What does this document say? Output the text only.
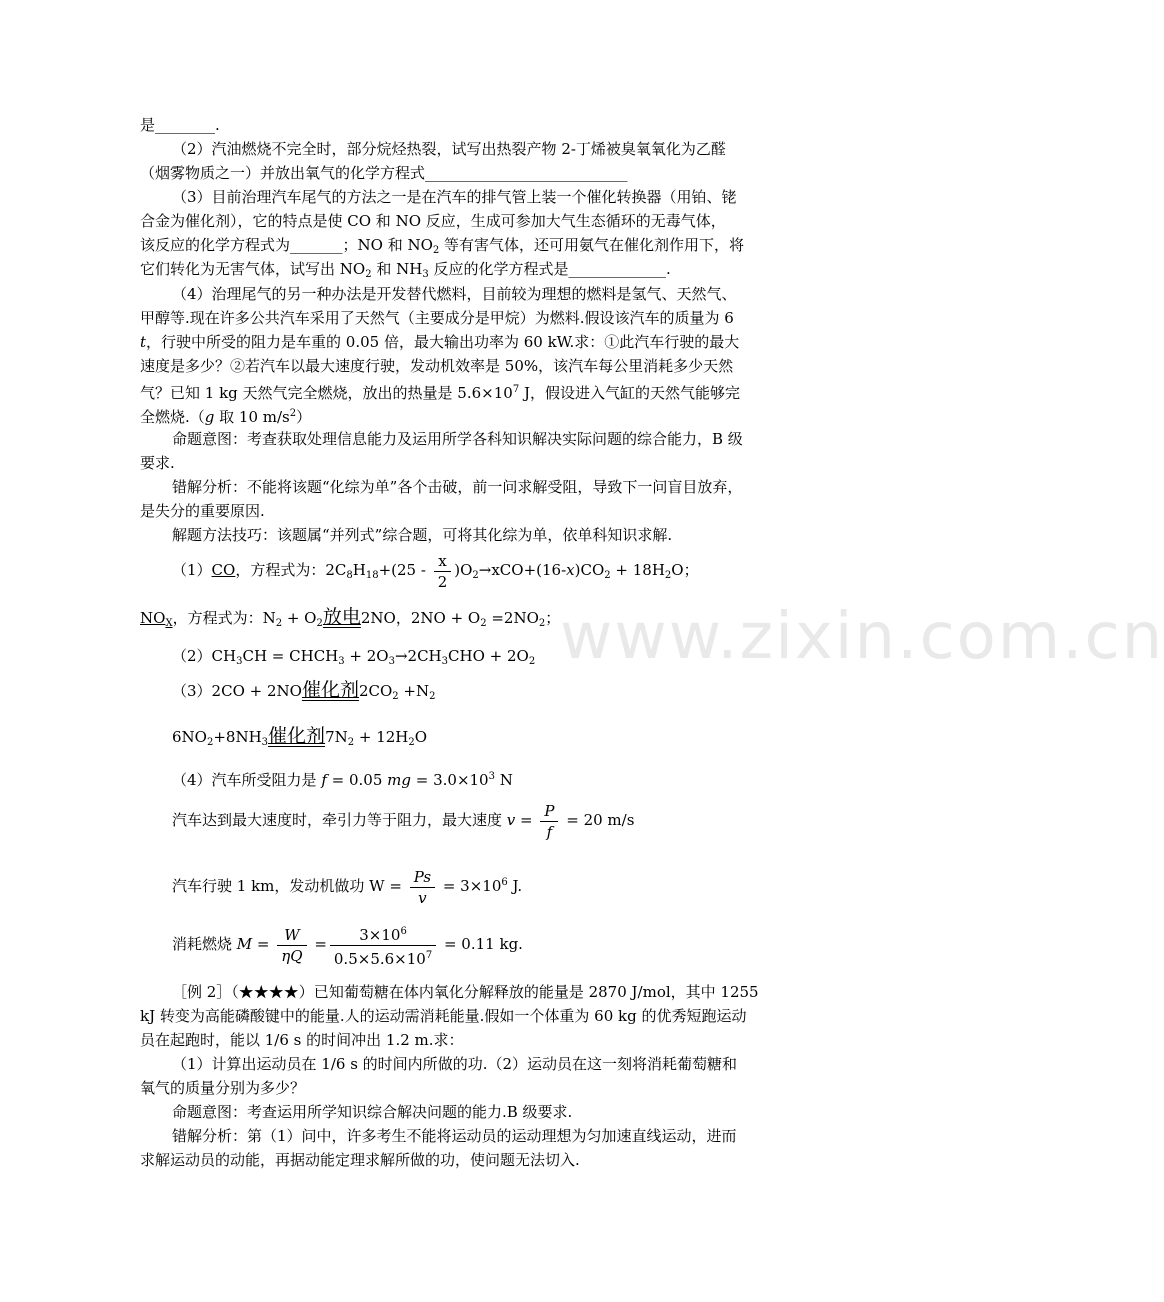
www.zixin.com.cn
是________.
（2）汽油燃烧不完全时，部分烷烃热裂，试写出热裂产物 2-丁烯被臭氧氧化为乙醛
（烟雾物质之一）并放出氧气的化学方程式___________________________
（3）目前治理汽车尾气的方法之一是在汽车的排气管上装一个催化转换器（用铂、铑
合金为催化剂），它的特点是使 CO 和 NO 反应，生成可参加大气生态循环的无毒气体，
该反应的化学方程式为_______；NO 和 $NO_2$ 等有害气体，还可用氨气在催化剂作用下，将
它们转化为无害气体，试写出 $NO_2$ 和 $NH_3$ 反应的化学方程式是_____________.
（4）治理尾气的另一种办法是开发替代燃料，目前较为理想的燃料是氢气、天然气、
甲醇等.现在许多公共汽车采用了天然气（主要成分是甲烷）为燃料.假设该汽车的质量为 6
t，行驶中所受的阻力是车重的 0.05 倍，最大输出功率为 60 kW.求：①此汽车行驶的最大
速度是多少？②若汽车以最大速度行驶，发动机效率是 50%，该汽车每公里消耗多少天然
气？已知 1 kg 天然气完全燃烧，放出的热量是 $5.6\times 10^7$ J，假设进入气缸的天然气能够完
全燃烧.（g 取 10 $m/s^2$）
命题意图：考查获取处理信息能力及运用所学各科知识解决实际问题的综合能力，B 级
要求.
错解分析：不能将该题“化综为单”各个击破，前一问求解受阻，导致下一问盲目放弃，
是失分的重要原因.
解题方法技巧：该题属“并列式”综合题，可将其化综为单，依单科知识求解.
（1）CO，方程式为：$2C_8H_{18}+(25 - \frac{x}{2} )O_2\to xCO+(16-x)CO_2 + 18H_2O$；
$NO_X$，方程式为：$N_2 + O_2$放电2NO，$2NO + O_2 =2NO_2$；
$(2)CH_3CH$ = $CHCH_3 + 2O_3\to 2CH_3CHO + 2O_2$
（3）2CO + 2NO催化剂$2CO_2 +N_2$
$6NO_2+8NH_3$催化剂$7N_2 + 12H_2O$
（4）汽车所受阻力是 f = 0.05 mg = $3.0\times 10^3$ N
汽车达到最大速度时，牵引力等于阻力，最大速度 $v = \frac{P}{f} = 20$ m/s
汽车行驶 1 km，发动机做功 $W = \frac{Ps}{v} = 3\times 10^6$ J.
消耗燃烧 $M = \frac{W}{\eta Q} = \frac{3\times 10^6}{0.5\times 5.6\times 10^7} = 0.11$ kg.
［例 2］（★★★★）已知葡萄糖在体内氧化分解释放的能量是 2870 J/mol，其中 1255
kJ 转变为高能磷酸键中的能量.人的运动需消耗能量.假如一个体重为 60 kg 的优秀短跑运动
员在起跑时，能以 1/6 s 的时间冲出 1.2 m.求：
（1）计算出运动员在 1/6 s 的时间内所做的功.（2）运动员在这一刻将消耗葡萄糖和
氧气的质量分别为多少？
命题意图：考查运用所学知识综合解决问题的能力.B 级要求.
错解分析：第（1）问中，许多考生不能将运动员的运动理想为匀加速直线运动，进而
求解运动员的动能，再据动能定理求解所做的功，使问题无法切入.
